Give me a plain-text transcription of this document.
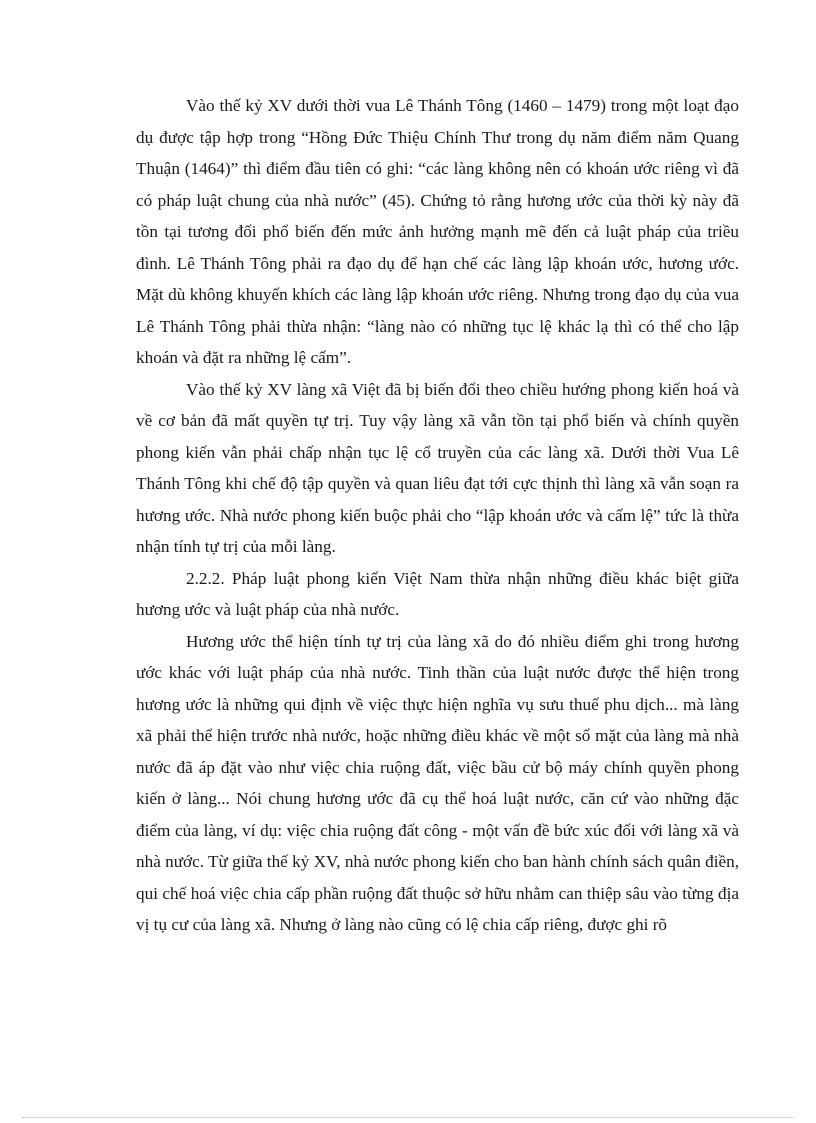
Vào thế kỷ XV dưới thời vua Lê Thánh Tông (1460 – 1479) trong một loạt đạo dụ được tập hợp trong “Hồng Đức Thiệu Chính Thư trong dụ năm điểm năm Quang Thuận (1464)” thì điểm đầu tiên có ghi: “các làng không nên có khoán ước riêng vì đã có pháp luật chung của nhà nước” (45). Chứng tỏ rằng hương ước của thời kỳ này đã tồn tại tương đối phổ biến đến mức ảnh hưởng mạnh mẽ đến cả luật pháp của triều đình. Lê Thánh Tông phải ra đạo dụ để hạn chế các làng lập khoán ước, hương ước. Mặt dù không khuyến khích các làng lập khoán ước riêng. Nhưng trong đạo dụ của vua Lê Thánh Tông phải thừa nhận: “làng nào có những tục lệ khác lạ thì có thể cho lập khoán và đặt ra những lệ cấm”.

Vào thế kỷ XV làng xã Việt đã bị biến đổi theo chiều hướng phong kiến hoá và về cơ bản đã mất quyền tự trị. Tuy vậy làng xã vẫn tồn tại phổ biến và chính quyền phong kiến vẫn phải chấp nhận tục lệ cổ truyền của các làng xã. Dưới thời Vua Lê Thánh Tông khi chế độ tập quyền và quan liêu đạt tới cực thịnh thì làng xã vẫn soạn ra hương ước. Nhà nước phong kiến buộc phải cho “lập khoán ước và cấm lệ” tức là thừa nhận tính tự trị của mỗi làng.

2.2.2. Pháp luật phong kiến Việt Nam thừa nhận những điều khác biệt giữa hương ước và luật pháp của nhà nước.

Hương ước thể hiện tính tự trị của làng xã do đó nhiều điểm ghi trong hương ước khác với luật pháp của nhà nước. Tinh thần của luật nước được thể hiện trong hương ước là những qui định về việc thực hiện nghĩa vụ sưu thuế phu dịch... mà làng xã phải thể hiện trước nhà nước, hoặc những điều khác về một số mặt của làng mà nhà nước đã áp đặt vào như việc chia ruộng đất, việc bầu cử bộ máy chính quyền phong kiến ở làng... Nói chung hương ước đã cụ thể hoá luật nước, căn cứ vào những đặc điểm của làng, ví dụ: việc chia ruộng đất công - một vấn đề bức xúc đối với làng xã và nhà nước. Từ giữa thế kỷ XV, nhà nước phong kiến cho ban hành chính sách quân điền, qui chế hoá việc chia cấp phần ruộng đất thuộc sở hữu nhằm can thiệp sâu vào từng địa vị tụ cư của làng xã. Nhưng ở làng nào cũng có lệ chia cấp riêng, được ghi rõ
